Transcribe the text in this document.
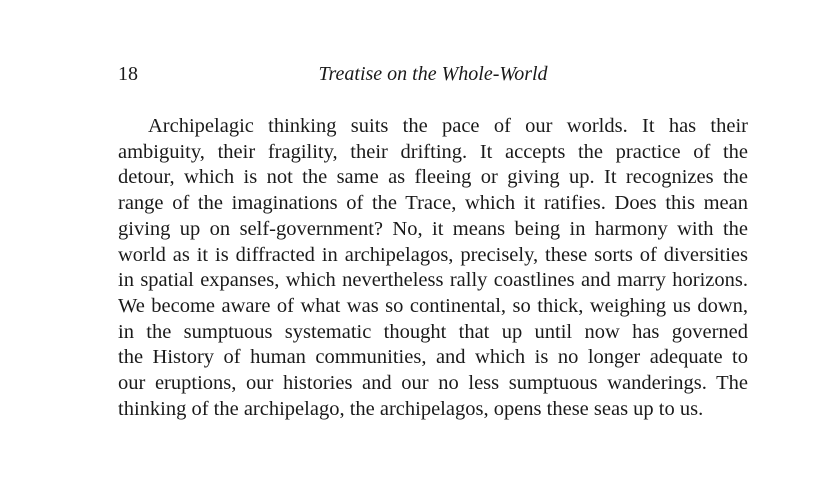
18	Treatise on the Whole-World
Archipelagic thinking suits the pace of our worlds. It has their
ambiguity, their fragility, their drifting. It accepts the practice of the
detour, which is not the same as fleeing or giving up. It recognizes the
range of the imaginations of the Trace, which it ratifies. Does this mean
giving up on self-government? No, it means being in harmony with the
world as it is diffracted in archipelagos, precisely, these sorts of diversities
in spatial expanses, which nevertheless rally coastlines and marry horizons.
We become aware of what was so continental, so thick, weighing us down,
in the sumptuous systematic thought that up until now has governed
the History of human communities, and which is no longer adequate to
our eruptions, our histories and our no less sumptuous wanderings. The
thinking of the archipelago, the archipelagos, opens these seas up to us.
